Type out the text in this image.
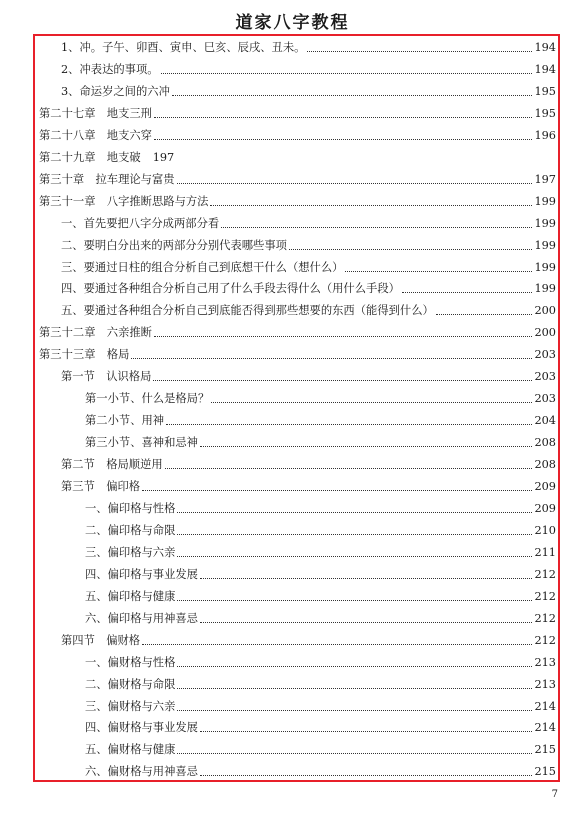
道家八字教程
1、冲。子午、卯酉、寅申、巳亥、辰戌、丑未。	194
2、冲表达的事项。	194
3、命运岁之间的六冲	195
第二十七章　地支三刑	195
第二十八章　地支六穿	196
第二十九章　地支破 197
第三十章　拉车理论与富贵	197
第三十一章　八字推断思路与方法	199
一、首先要把八字分成两部分看	199
二、要明白分出来的两部分分别代表哪些事项	199
三、要通过日柱的组合分析自己到底想干什么（想什么）	199
四、要通过各种组合分析自己用了什么手段去得什么（用什么手段）	199
五、要通过各种组合分析自己到底能否得到那些想要的东西（能得到什么）	200
第三十二章　六亲推断	200
第三十三章　格局	203
第一节　认识格局	203
第一小节、什么是格局？	203
第二小节、用神	204
第三小节、喜神和忌神	208
第二节　格局顺逆用	208
第三节　偏印格	209
一、偏印格与性格	209
二、偏印格与命限	210
三、偏印格与六亲	211
四、偏印格与事业发展	212
五、偏印格与健康	212
六、偏印格与用神喜忌	212
第四节　偏财格	212
一、偏财格与性格	213
二、偏财格与命限	213
三、偏财格与六亲	214
四、偏财格与事业发展	214
五、偏财格与健康	215
六、偏财格与用神喜忌	215
7
